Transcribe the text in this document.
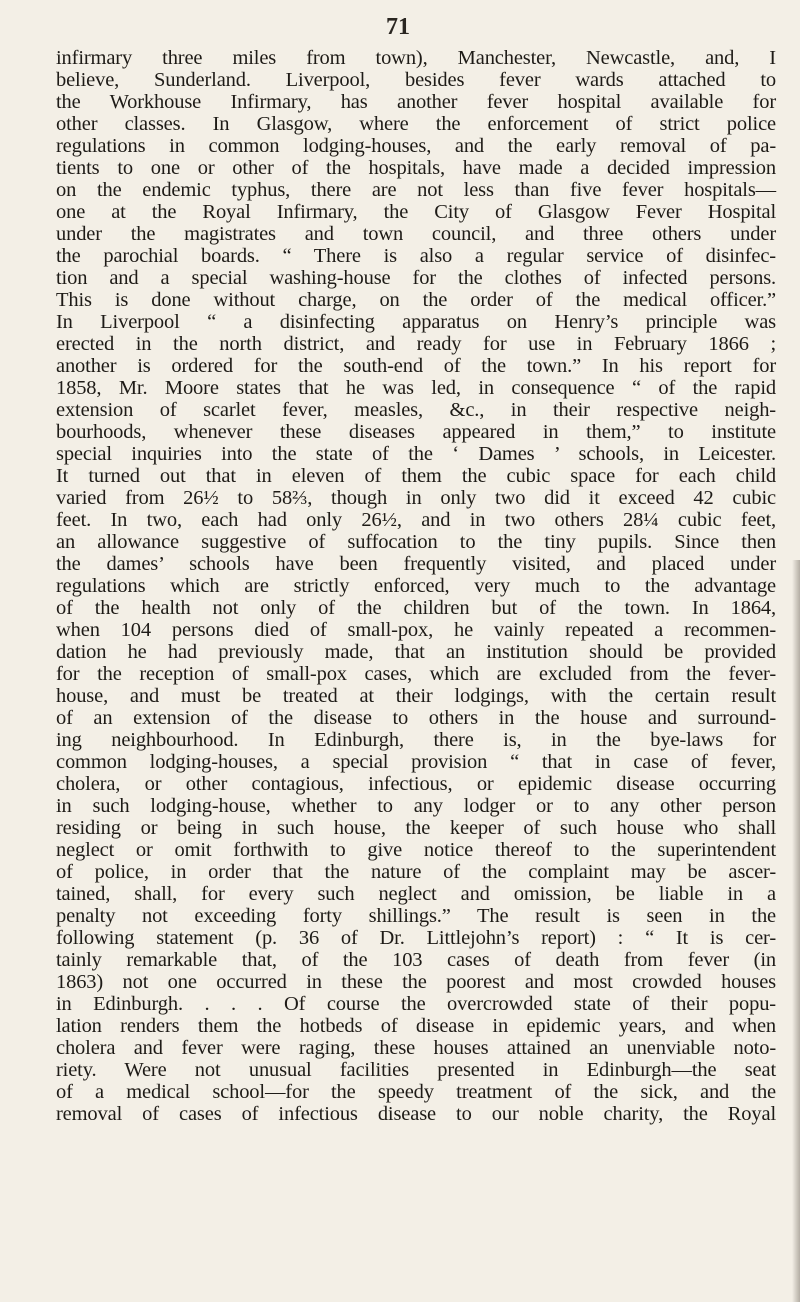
71
infirmary three miles from town), Manchester, Newcastle, and, I
believe, Sunderland. Liverpool, besides fever wards attached to
the Workhouse Infirmary, has another fever hospital available for
other classes. In Glasgow, where the enforcement of strict police
regulations in common lodging-houses, and the early removal of pa-
tients to one or other of the hospitals, have made a decided impression
on the endemic typhus, there are not less than five fever hospitals—
one at the Royal Infirmary, the City of Glasgow Fever Hospital
under the magistrates and town council, and three others under
the parochial boards. “ There is also a regular service of disinfec-
tion and a special washing-house for the clothes of infected persons.
This is done without charge, on the order of the medical officer.”
In Liverpool “ a disinfecting apparatus on Henry’s principle was
erected in the north district, and ready for use in February 1866 ;
another is ordered for the south-end of the town.” In his report for
1858, Mr. Moore states that he was led, in consequence “ of the rapid
extension of scarlet fever, measles, &c., in their respective neigh-
bourhoods, whenever these diseases appeared in them,” to institute
special inquiries into the state of the ‘ Dames ’ schools, in Leicester.
It turned out that in eleven of them the cubic space for each child
varied from 26½ to 58⅔, though in only two did it exceed 42 cubic
feet. In two, each had only 26½, and in two others 28¼ cubic feet,
an allowance suggestive of suffocation to the tiny pupils. Since then
the dames’ schools have been frequently visited, and placed under
regulations which are strictly enforced, very much to the advantage
of the health not only of the children but of the town. In 1864,
when 104 persons died of small-pox, he vainly repeated a recommen-
dation he had previously made, that an institution should be provided
for the reception of small-pox cases, which are excluded from the fever-
house, and must be treated at their lodgings, with the certain result
of an extension of the disease to others in the house and surround-
ing neighbourhood. In Edinburgh, there is, in the bye-laws for
common lodging-houses, a special provision “ that in case of fever,
cholera, or other contagious, infectious, or epidemic disease occurring
in such lodging-house, whether to any lodger or to any other person
residing or being in such house, the keeper of such house who shall
neglect or omit forthwith to give notice thereof to the superintendent
of police, in order that the nature of the complaint may be ascer-
tained, shall, for every such neglect and omission, be liable in a
penalty not exceeding forty shillings.” The result is seen in the
following statement (p. 36 of Dr. Littlejohn’s report) : “ It is cer-
tainly remarkable that, of the 103 cases of death from fever (in
1863) not one occurred in these the poorest and most crowded houses
in Edinburgh. . . . Of course the overcrowded state of their popu-
lation renders them the hotbeds of disease in epidemic years, and when
cholera and fever were raging, these houses attained an unenviable noto-
riety. Were not unusual facilities presented in Edinburgh—the seat
of a medical school—for the speedy treatment of the sick, and the
removal of cases of infectious disease to our noble charity, the Royal
